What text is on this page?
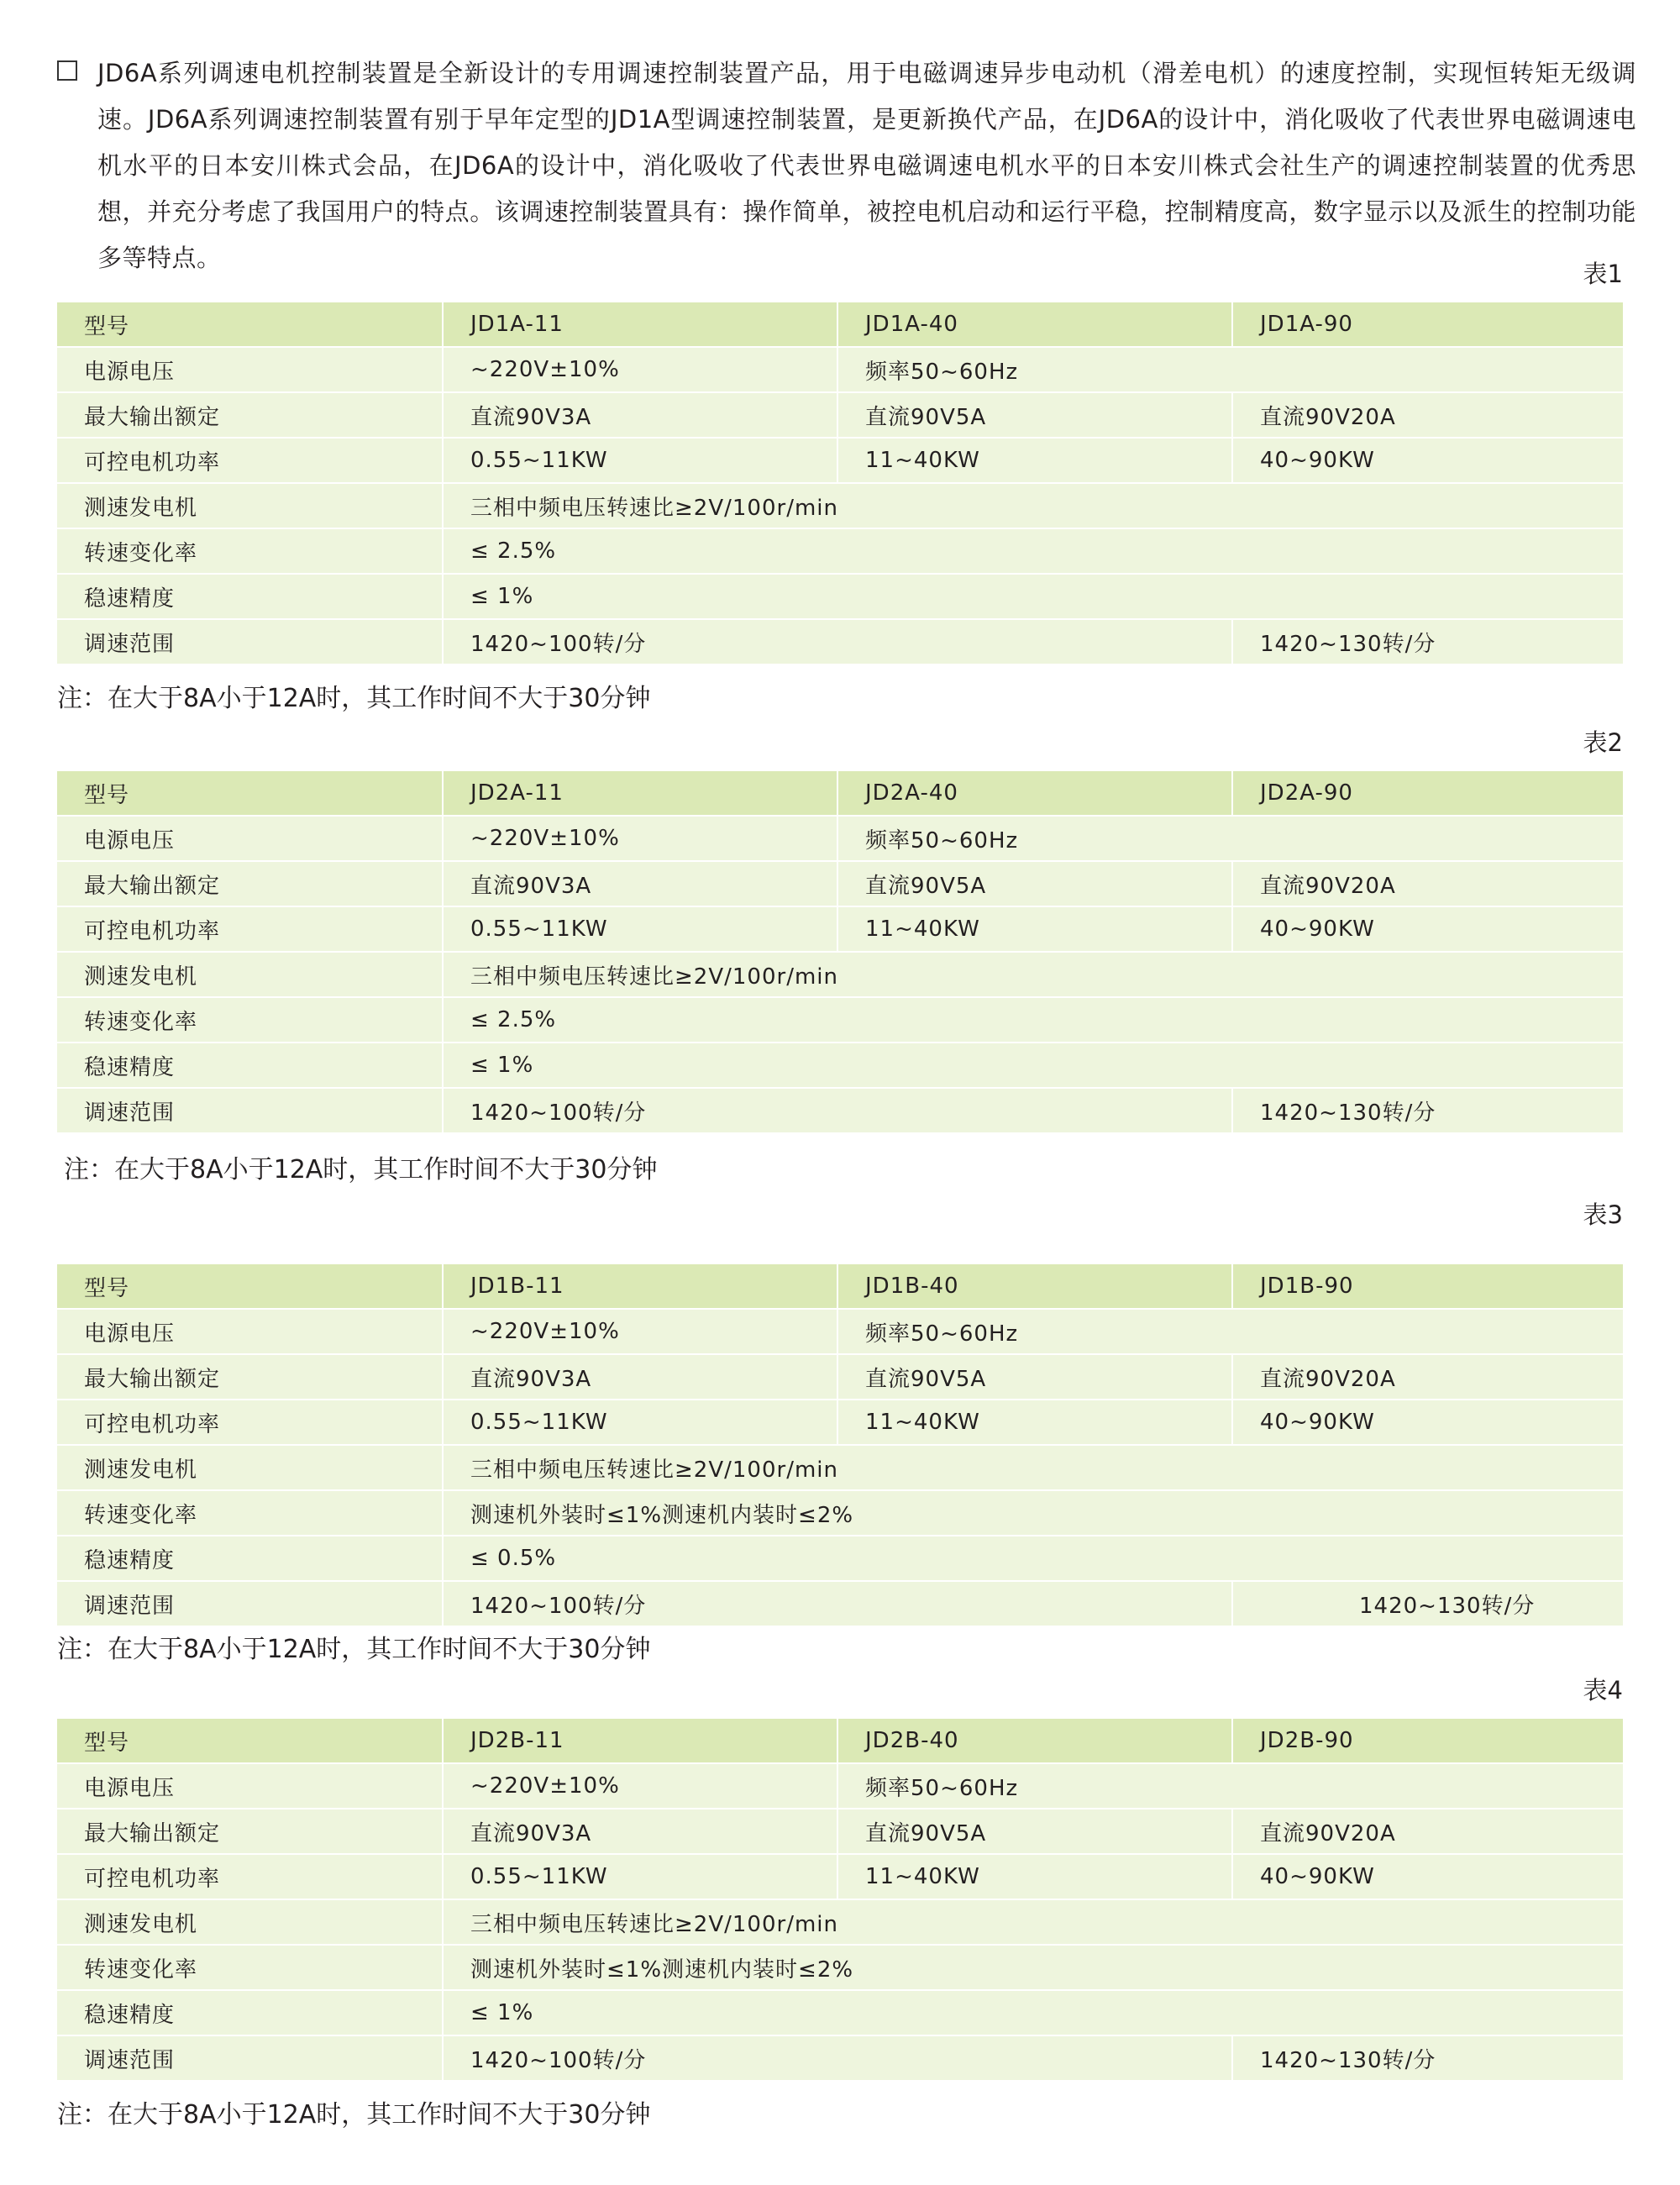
JD6A系列调速电机控制装置是全新设计的专用调速控制装置产品，用于电磁调速异步电动机（滑差电机）的速度控制，实现恒转矩无级调速。JD6A系列调速控制装置有别于早年定型的JD1A型调速控制装置，是更新换代产品，在JD6A的设计中，消化吸收了代表世界电磁调速电机水平的日本安川株式会品，在JD6A的设计中，消化吸收了代表世界电磁调速电机水平的日本安川株式会社生产的调速控制装置的优秀思想，并充分考虑了我国用户的特点。该调速控制装置具有：操作简单，被控电机启动和运行平稳，控制精度高，数字显示以及派生的控制功能多等特点。

表1
型号	JD1A-11	JD1A-40	JD1A-90
电源电压	~220V±10%	频率50~60Hz	
最大输出额定	直流90V3A	直流90V5A	直流90V20A
可控电机功率	0.55~11KW	11~40KW	40~90KW
测速发电机	三相中频电压转速比≥2V/100r/min		
转速变化率	≤ 2.5%		
稳速精度	≤ 1%		
调速范围	1420~100转/分		1420~130转/分
注：在大于8A小于12A时，其工作时间不大于30分钟
表2
型号	JD2A-11	JD2A-40	JD2A-90
电源电压	~220V±10%	频率50~60Hz	
最大输出额定	直流90V3A	直流90V5A	直流90V20A
可控电机功率	0.55~11KW	11~40KW	40~90KW
测速发电机	三相中频电压转速比≥2V/100r/min		
转速变化率	≤ 2.5%		
稳速精度	≤ 1%		
调速范围	1420~100转/分		1420~130转/分
注：在大于8A小于12A时，其工作时间不大于30分钟
表3
型号	JD1B-11	JD1B-40	JD1B-90
电源电压	~220V±10%	频率50~60Hz	
最大输出额定	直流90V3A	直流90V5A	直流90V20A
可控电机功率	0.55~11KW	11~40KW	40~90KW
测速发电机	三相中频电压转速比≥2V/100r/min		
转速变化率	测速机外装时≤1%测速机内装时≤2%		
稳速精度	≤ 0.5%		
调速范围	1420~100转/分		1420~130转/分
注：在大于8A小于12A时，其工作时间不大于30分钟
表4
型号	JD2B-11	JD2B-40	JD2B-90
电源电压	~220V±10%	频率50~60Hz	
最大输出额定	直流90V3A	直流90V5A	直流90V20A
可控电机功率	0.55~11KW	11~40KW	40~90KW
测速发电机	三相中频电压转速比≥2V/100r/min		
转速变化率	测速机外装时≤1%测速机内装时≤2%		
稳速精度	≤ 1%		
调速范围	1420~100转/分		1420~130转/分
注：在大于8A小于12A时，其工作时间不大于30分钟
